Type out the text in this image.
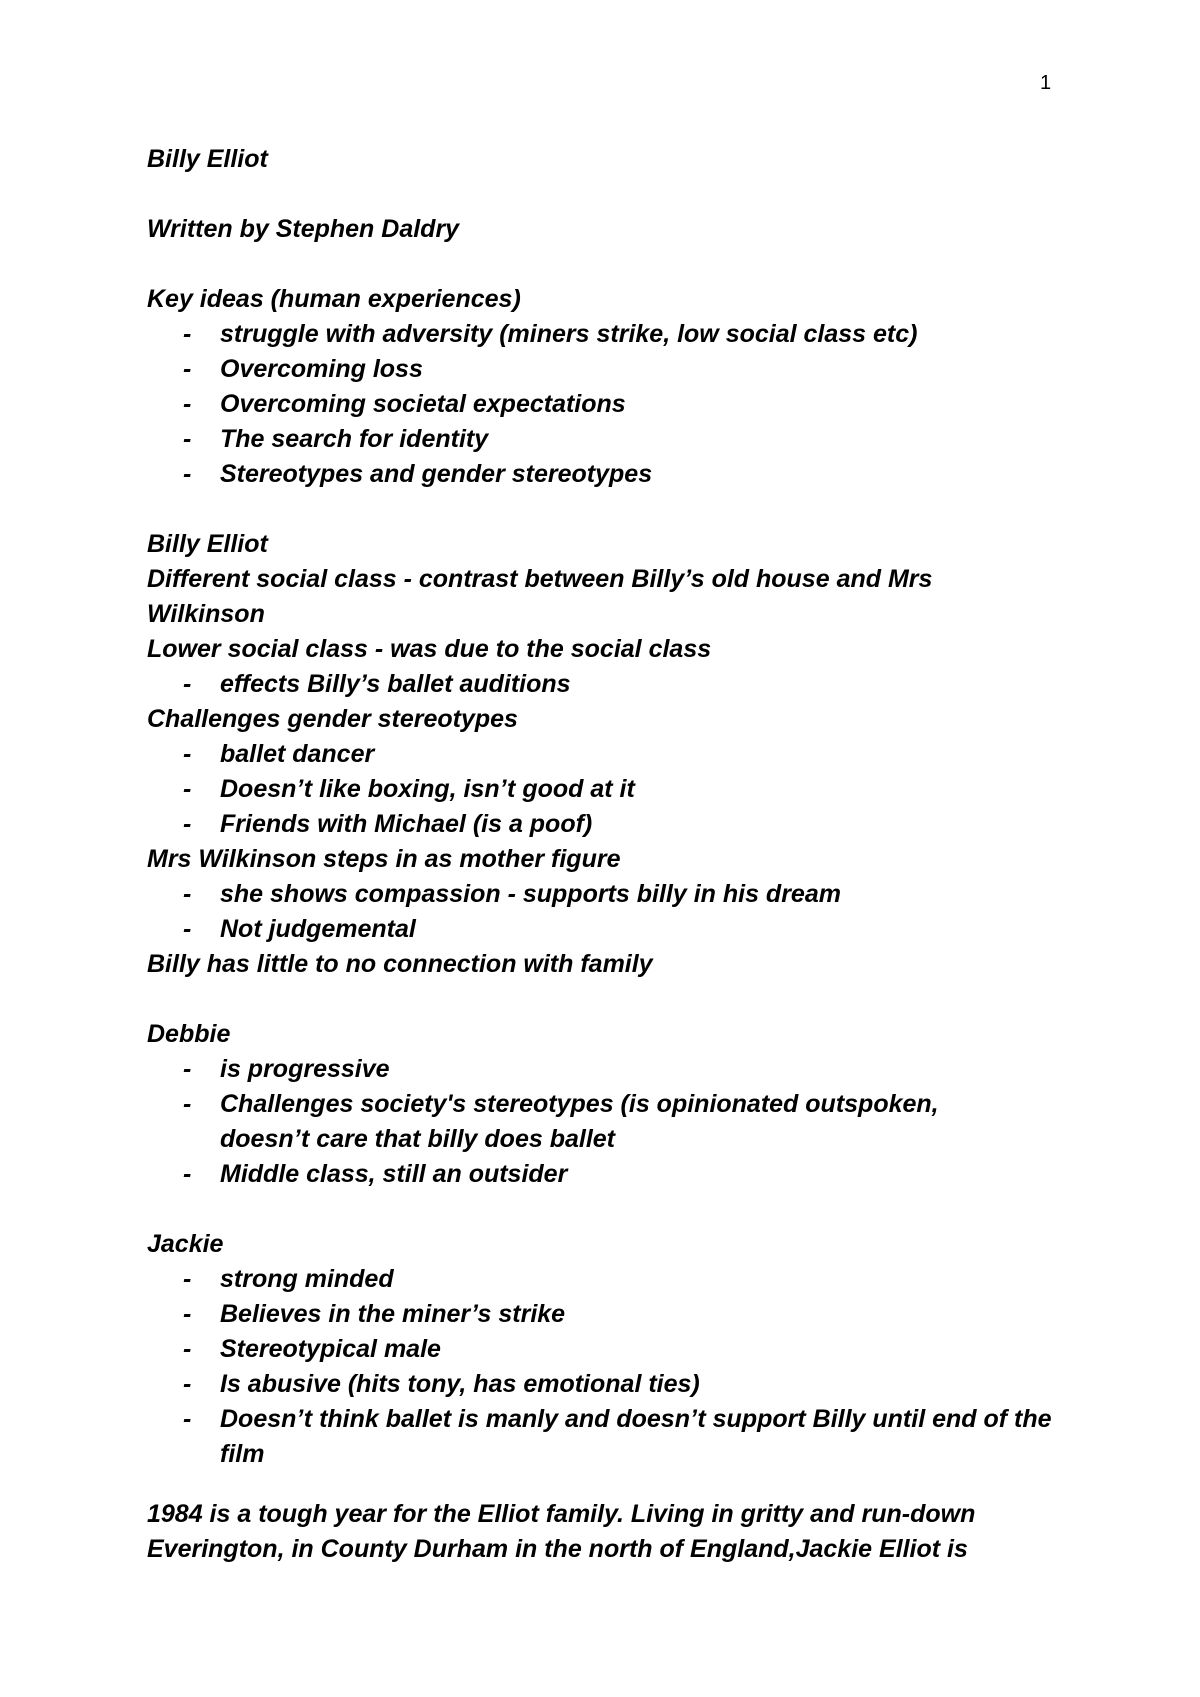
1

Billy Elliot

Written by Stephen Daldry

Key ideas (human experiences)

- struggle with adversity (miners strike, low social class etc)
- Overcoming loss
- Overcoming societal expectations
- The search for identity
- Stereotypes and gender stereotypes

Billy Elliot

Different social class - contrast between Billy’s old house and Mrs Wilkinson

Lower social class - was due to the social class

- effects Billy’s ballet auditions

Challenges gender stereotypes

- ballet dancer
- Doesn’t like boxing, isn’t good at it
- Friends with Michael (is a poof)

Mrs Wilkinson steps in as mother figure

- she shows compassion - supports billy in his dream
- Not judgemental

Billy has little to no connection with family

Debbie

- is progressive
- Challenges society's stereotypes (is opinionated outspoken, doesn’t care that billy does ballet
- Middle class, still an outsider

Jackie

- strong minded
- Believes in the miner’s strike
- Stereotypical male
- Is abusive (hits tony, has emotional ties)
- Doesn’t think ballet is manly and doesn’t support Billy until end of the film

1984 is a tough year for the Elliot family. Living in gritty and run-down Everington, in County Durham in the north of England,Jackie Elliot is
